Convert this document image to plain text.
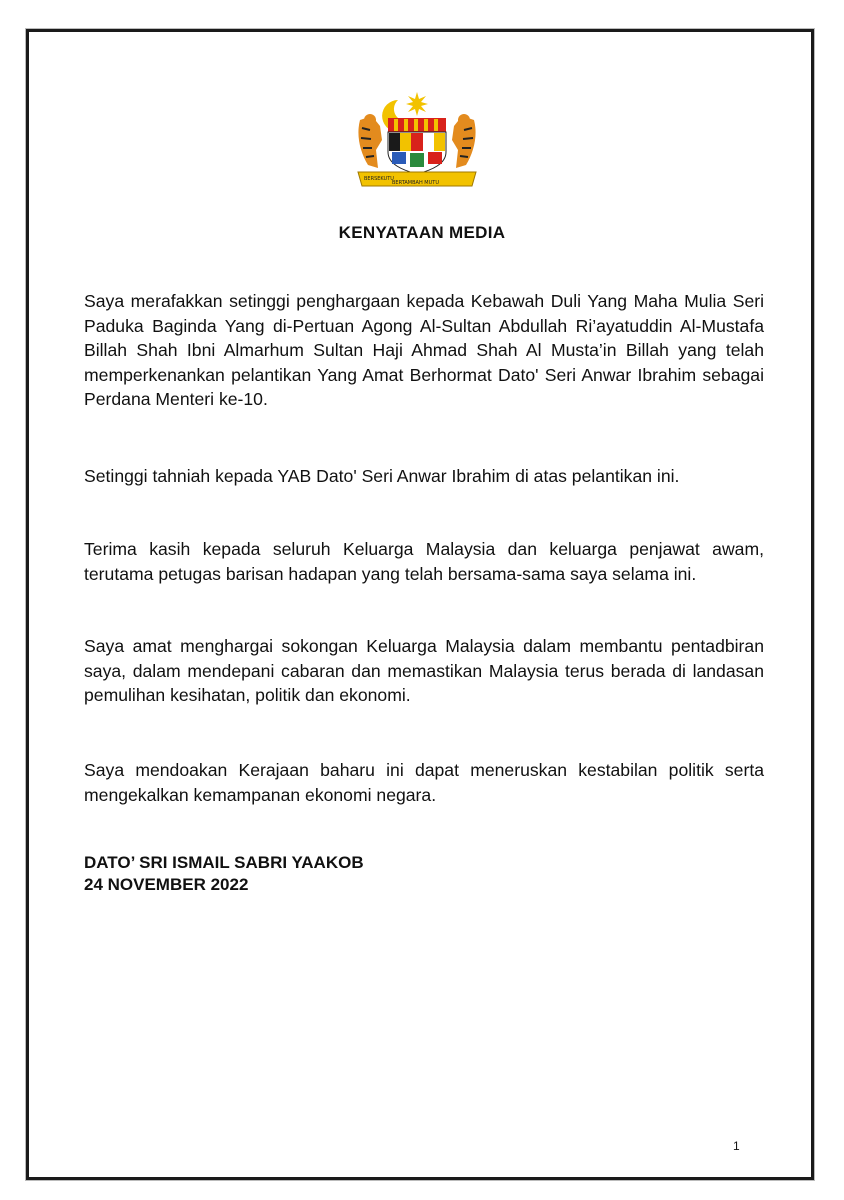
BERSEKUTU
BERTAMBAH MUTU
KENYATAAN MEDIA
Saya merafakkan setinggi penghargaan kepada Kebawah Duli Yang Maha Mulia Seri Paduka Baginda Yang di-Pertuan Agong Al-Sultan Abdullah Ri’ayatuddin Al-Mustafa Billah Shah Ibni Almarhum Sultan Haji Ahmad Shah Al Musta’in Billah yang telah memperkenankan pelantikan Yang Amat Berhormat Dato' Seri Anwar Ibrahim sebagai Perdana Menteri ke-10.
Setinggi tahniah kepada YAB Dato' Seri Anwar Ibrahim di atas pelantikan ini.
Terima kasih kepada seluruh Keluarga Malaysia dan keluarga penjawat awam, terutama petugas barisan hadapan yang telah bersama-sama saya selama ini.
Saya amat menghargai sokongan Keluarga Malaysia dalam membantu pentadbiran saya, dalam mendepani cabaran dan memastikan Malaysia terus berada di landasan pemulihan kesihatan, politik dan ekonomi.
Saya mendoakan Kerajaan baharu ini dapat meneruskan kestabilan politik serta mengekalkan kemampanan ekonomi negara.
DATO’ SRI ISMAIL SABRI YAAKOB
24 NOVEMBER 2022
1
